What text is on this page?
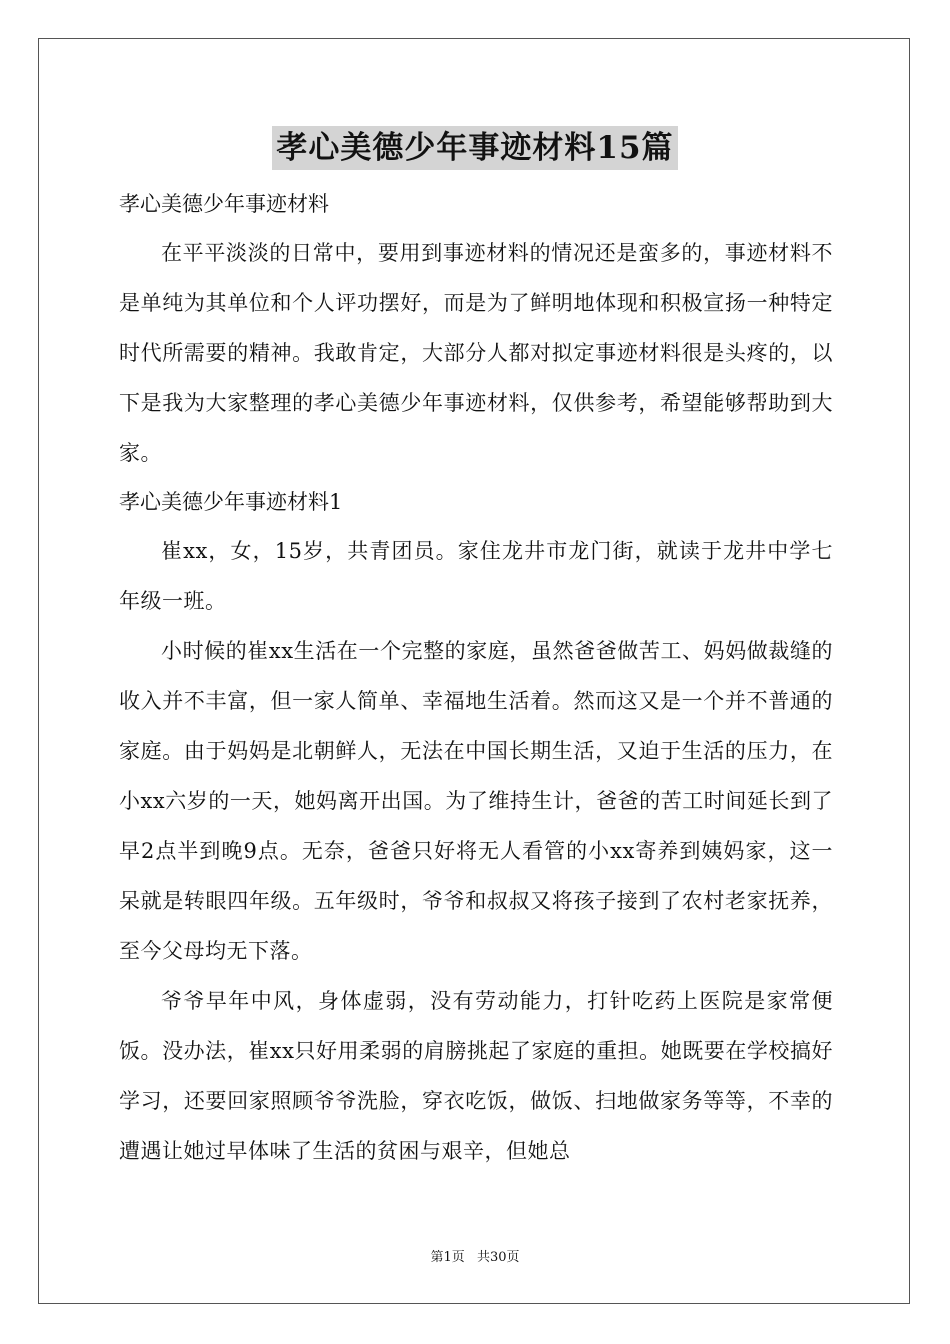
孝心美德少年事迹材料15篇

孝心美德少年事迹材料

在平平淡淡的日常中，要用到事迹材料的情况还是蛮多的，事迹材料不是单纯为其单位和个人评功摆好，而是为了鲜明地体现和积极宣扬一种特定时代所需要的精神。我敢肯定，大部分人都对拟定事迹材料很是头疼的，以下是我为大家整理的孝心美德少年事迹材料，仅供参考，希望能够帮助到大家。

孝心美德少年事迹材料1

崔xx，女，15岁，共青团员。家住龙井市龙门街，就读于龙井中学七年级一班。

小时候的崔xx生活在一个完整的家庭，虽然爸爸做苦工、妈妈做裁缝的收入并不丰富，但一家人简单、幸福地生活着。然而这又是一个并不普通的家庭。由于妈妈是北朝鲜人，无法在中国长期生活，又迫于生活的压力，在小xx六岁的一天，她妈离开出国。为了维持生计，爸爸的苦工时间延长到了早2点半到晚9点。无奈，爸爸只好将无人看管的小xx寄养到姨妈家，这一呆就是转眼四年级。五年级时，爷爷和叔叔又将孩子接到了农村老家抚养，至今父母均无下落。

爷爷早年中风，身体虚弱，没有劳动能力，打针吃药上医院是家常便饭。没办法，崔xx只好用柔弱的肩膀挑起了家庭的重担。她既要在学校搞好学习，还要回家照顾爷爷洗脸，穿衣吃饭，做饭、扫地做家务等等，不幸的遭遇让她过早体味了生活的贫困与艰辛，但她总

第1页 共30页
